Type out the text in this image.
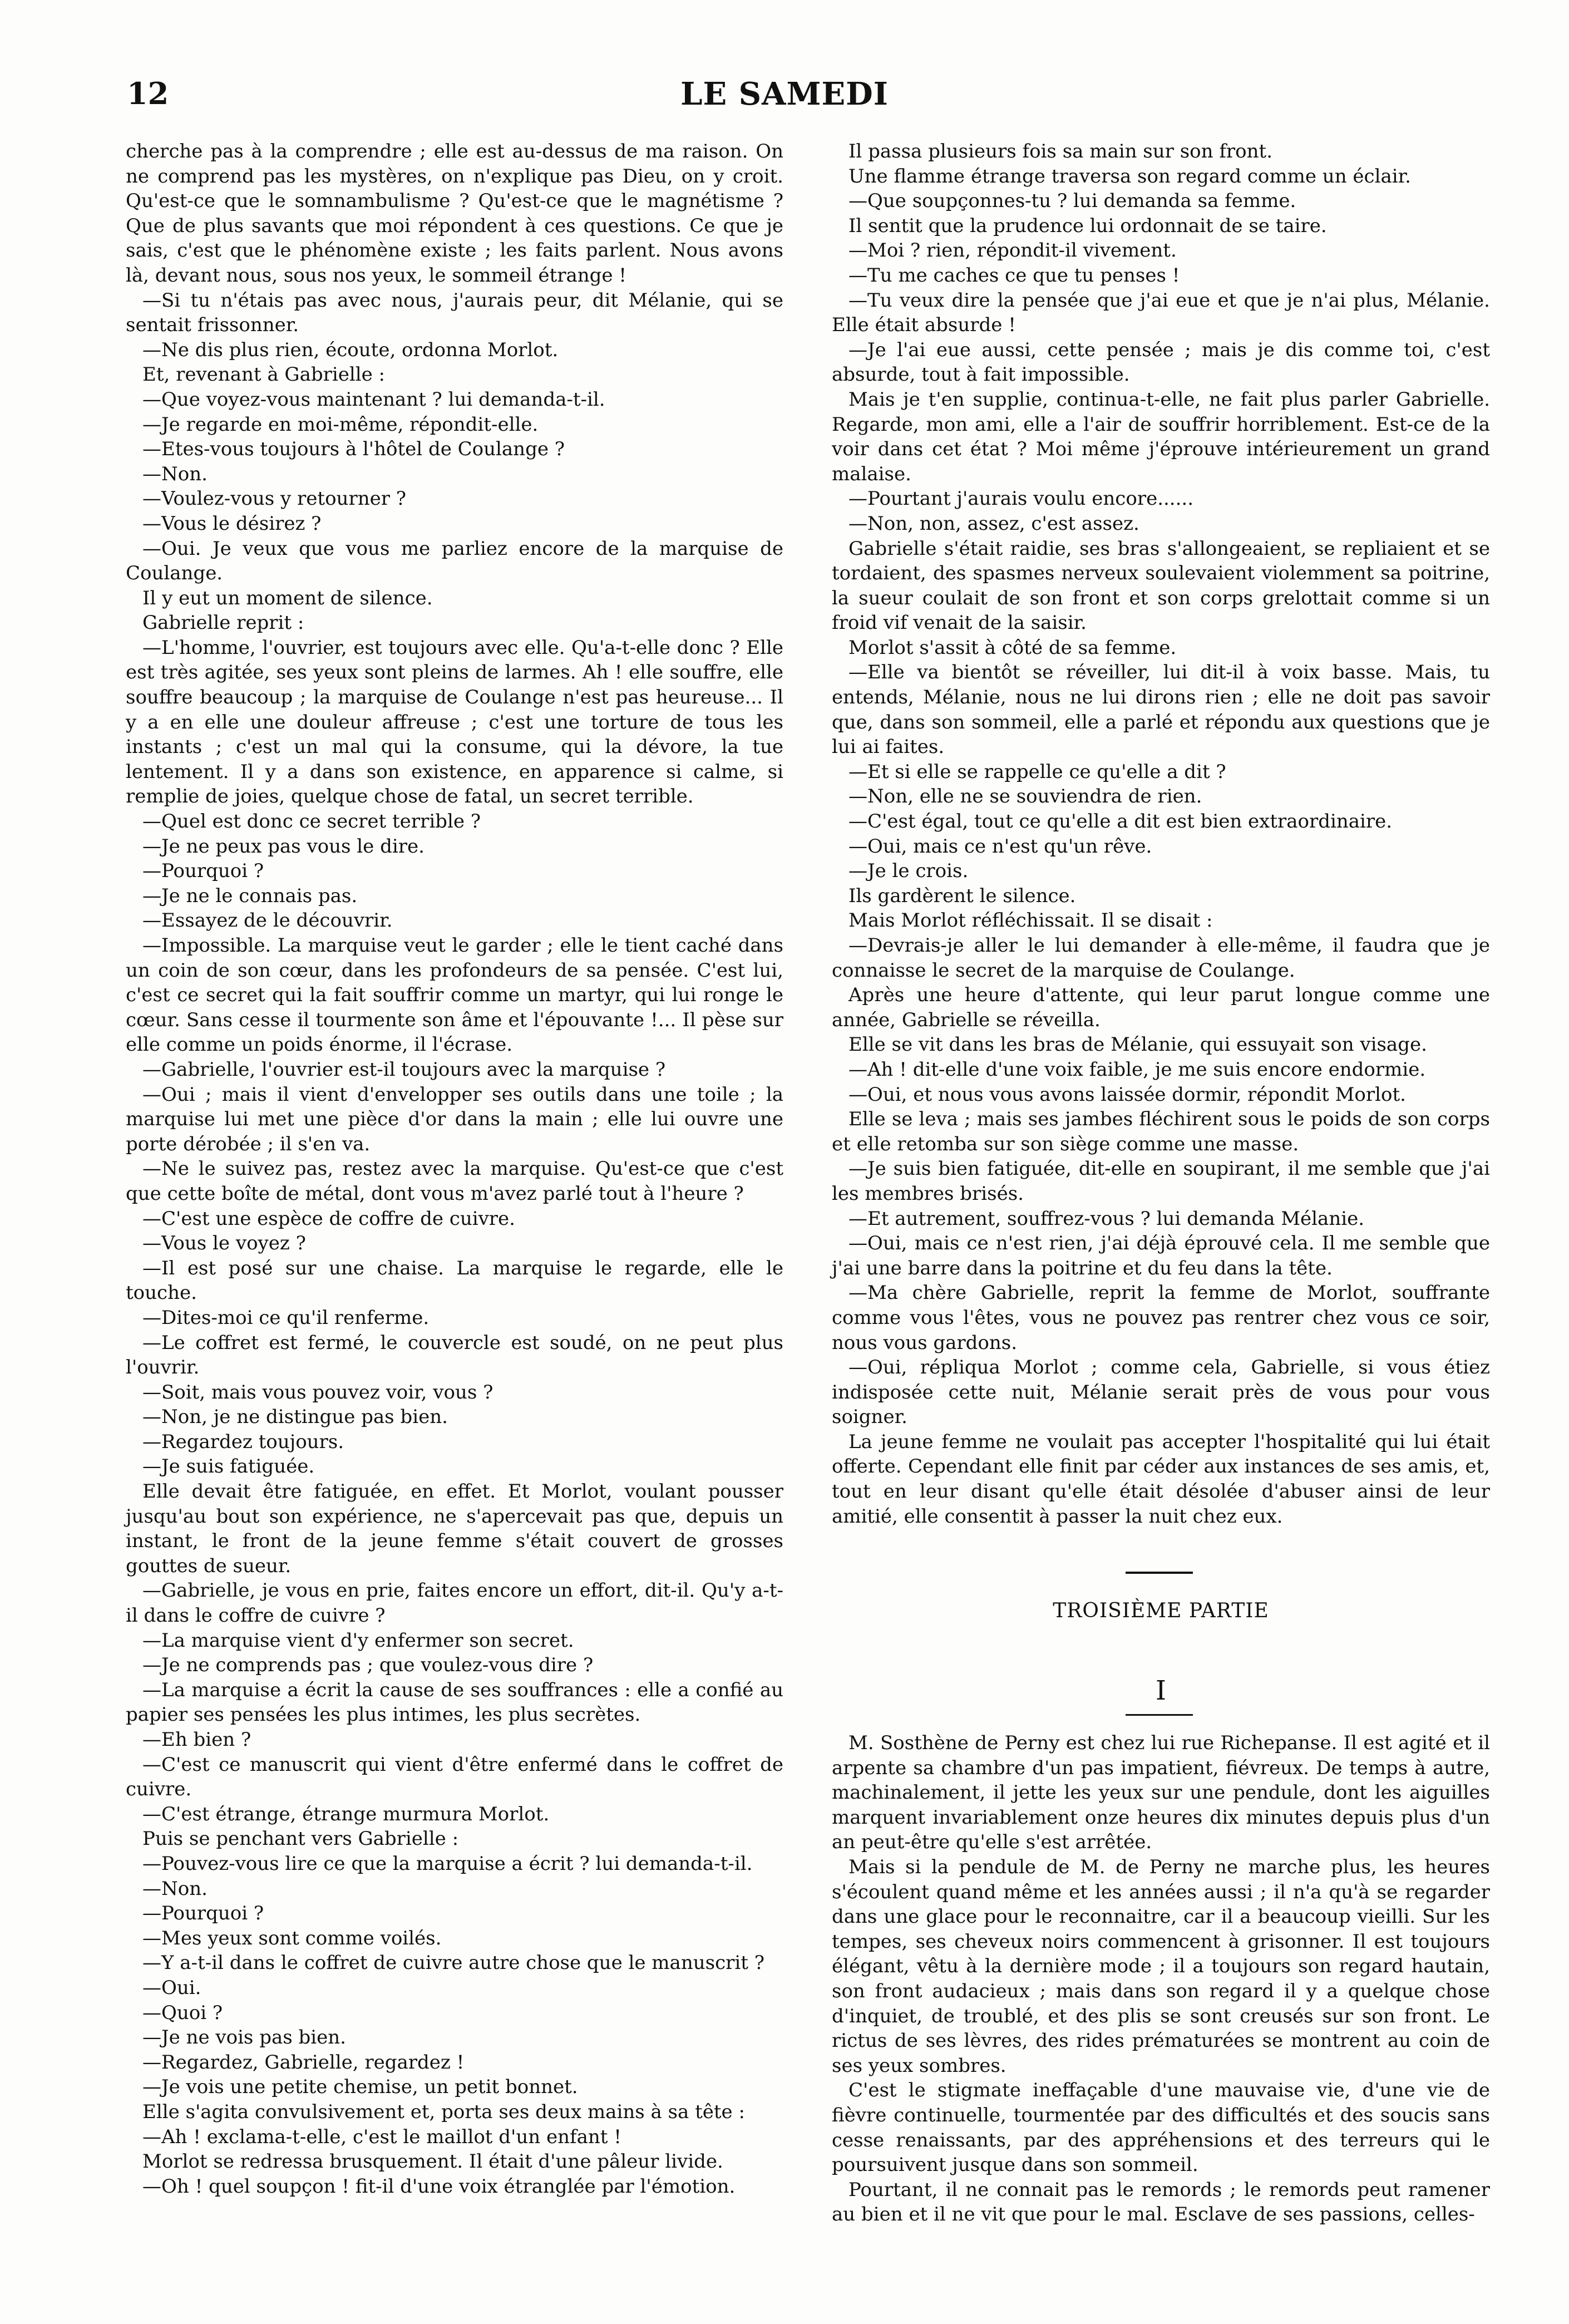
12	LE SAMEDI

cherche pas à la comprendre ; elle est au-dessus de ma raison. On ne comprend pas les mystères, on n'explique pas Dieu, on y croit. Qu'est-ce que le somnambulisme ? Qu'est-ce que le magnétisme ? Que de plus savants que moi répondent à ces questions. Ce que je sais, c'est que le phénomène existe ; les faits parlent. Nous avons là, devant nous, sous nos yeux, le sommeil étrange !

—Si tu n'étais pas avec nous, j'aurais peur, dit Mélanie, qui se sentait frissonner.

—Ne dis plus rien, écoute, ordonna Morlot.

Et, revenant à Gabrielle :

—Que voyez-vous maintenant ? lui demanda-t-il.

—Je regarde en moi-même, répondit-elle.

—Etes-vous toujours à l'hôtel de Coulange ?

—Non.

—Voulez-vous y retourner ?

—Vous le désirez ?

—Oui. Je veux que vous me parliez encore de la marquise de Coulange.

Il y eut un moment de silence.

Gabrielle reprit :

—L'homme, l'ouvrier, est toujours avec elle. Qu'a-t-elle donc ? Elle est très agitée, ses yeux sont pleins de larmes. Ah ! elle souffre, elle souffre beaucoup ; la marquise de Coulange n'est pas heureuse... Il y a en elle une douleur affreuse ; c'est une torture de tous les instants ; c'est un mal qui la consume, qui la dévore, la tue lentement. Il y a dans son existence, en apparence si calme, si remplie de joies, quelque chose de fatal, un secret terrible.

—Quel est donc ce secret terrible ?

—Je ne peux pas vous le dire.

—Pourquoi ?

—Je ne le connais pas.

—Essayez de le découvrir.

—Impossible. La marquise veut le garder ; elle le tient caché dans un coin de son cœur, dans les profondeurs de sa pensée. C'est lui, c'est ce secret qui la fait souffrir comme un martyr, qui lui ronge le cœur. Sans cesse il tourmente son âme et l'épouvante !... Il pèse sur elle comme un poids énorme, il l'écrase.

—Gabrielle, l'ouvrier est-il toujours avec la marquise ?

—Oui ; mais il vient d'envelopper ses outils dans une toile ; la marquise lui met une pièce d'or dans la main ; elle lui ouvre une porte dérobée ; il s'en va.

—Ne le suivez pas, restez avec la marquise. Qu'est-ce que c'est que cette boîte de métal, dont vous m'avez parlé tout à l'heure ?

—C'est une espèce de coffre de cuivre.

—Vous le voyez ?

—Il est posé sur une chaise. La marquise le regarde, elle le touche.

—Dites-moi ce qu'il renferme.

—Le coffret est fermé, le couvercle est soudé, on ne peut plus l'ouvrir.

—Soit, mais vous pouvez voir, vous ?

—Non, je ne distingue pas bien.

—Regardez toujours.

—Je suis fatiguée.

Elle devait être fatiguée, en effet. Et Morlot, voulant pousser jusqu'au bout son expérience, ne s'apercevait pas que, depuis un instant, le front de la jeune femme s'était couvert de grosses gouttes de sueur.

—Gabrielle, je vous en prie, faites encore un effort, dit-il. Qu'y a-t-il dans le coffre de cuivre ?

—La marquise vient d'y enfermer son secret.

—Je ne comprends pas ; que voulez-vous dire ?

—La marquise a écrit la cause de ses souffrances : elle a confié au papier ses pensées les plus intimes, les plus secrètes.

—Eh bien ?

—C'est ce manuscrit qui vient d'être enfermé dans le coffret de cuivre.

—C'est étrange, étrange murmura Morlot.

Puis se penchant vers Gabrielle :

—Pouvez-vous lire ce que la marquise a écrit ? lui demanda-t-il.

—Non.

—Pourquoi ?

—Mes yeux sont comme voilés.

—Y a-t-il dans le coffret de cuivre autre chose que le manuscrit ?

—Oui.

—Quoi ?

—Je ne vois pas bien.

—Regardez, Gabrielle, regardez !

—Je vois une petite chemise, un petit bonnet.

Elle s'agita convulsivement et, porta ses deux mains à sa tête :

—Ah ! exclama-t-elle, c'est le maillot d'un enfant !

Morlot se redressa brusquement. Il était d'une pâleur livide.

—Oh ! quel soupçon ! fit-il d'une voix étranglée par l'émotion.

Il passa plusieurs fois sa main sur son front.

Une flamme étrange traversa son regard comme un éclair.

—Que soupçonnes-tu ? lui demanda sa femme.

Il sentit que la prudence lui ordonnait de se taire.

—Moi ? rien, répondit-il vivement.

—Tu me caches ce que tu penses !

—Tu veux dire la pensée que j'ai eue et que je n'ai plus, Mélanie. Elle était absurde !

—Je l'ai eue aussi, cette pensée ; mais je dis comme toi, c'est absurde, tout à fait impossible.

Mais je t'en supplie, continua-t-elle, ne fait plus parler Gabrielle. Regarde, mon ami, elle a l'air de souffrir horriblement. Est-ce de la voir dans cet état ? Moi même j'éprouve intérieurement un grand malaise.

—Pourtant j'aurais voulu encore......

—Non, non, assez, c'est assez.

Gabrielle s'était raidie, ses bras s'allongeaient, se repliaient et se tordaient, des spasmes nerveux soulevaient violemment sa poitrine, la sueur coulait de son front et son corps grelottait comme si un froid vif venait de la saisir.

Morlot s'assit à côté de sa femme.

—Elle va bientôt se réveiller, lui dit-il à voix basse. Mais, tu entends, Mélanie, nous ne lui dirons rien ; elle ne doit pas savoir que, dans son sommeil, elle a parlé et répondu aux questions que je lui ai faites.

—Et si elle se rappelle ce qu'elle a dit ?

—Non, elle ne se souviendra de rien.

—C'est égal, tout ce qu'elle a dit est bien extraordinaire.

—Oui, mais ce n'est qu'un rêve.

—Je le crois.

Ils gardèrent le silence.

Mais Morlot réfléchissait. Il se disait :

—Devrais-je aller le lui demander à elle-même, il faudra que je connaisse le secret de la marquise de Coulange.

Après une heure d'attente, qui leur parut longue comme une année, Gabrielle se réveilla.

Elle se vit dans les bras de Mélanie, qui essuyait son visage.

—Ah ! dit-elle d'une voix faible, je me suis encore endormie.

—Oui, et nous vous avons laissée dormir, répondit Morlot.

Elle se leva ; mais ses jambes fléchirent sous le poids de son corps et elle retomba sur son siège comme une masse.

—Je suis bien fatiguée, dit-elle en soupirant, il me semble que j'ai les membres brisés.

—Et autrement, souffrez-vous ? lui demanda Mélanie.

—Oui, mais ce n'est rien, j'ai déjà éprouvé cela. Il me semble que j'ai une barre dans la poitrine et du feu dans la tête.

—Ma chère Gabrielle, reprit la femme de Morlot, souffrante comme vous l'êtes, vous ne pouvez pas rentrer chez vous ce soir, nous vous gardons.

—Oui, répliqua Morlot ; comme cela, Gabrielle, si vous étiez indisposée cette nuit, Mélanie serait près de vous pour vous soigner.

La jeune femme ne voulait pas accepter l'hospitalité qui lui était offerte. Cependant elle finit par céder aux instances de ses amis, et, tout en leur disant qu'elle était désolée d'abuser ainsi de leur amitié, elle consentit à passer la nuit chez eux.

TROISIÈME PARTIE
I

M. Sosthène de Perny est chez lui rue Richepanse. Il est agité et il arpente sa chambre d'un pas impatient, fiévreux. De temps à autre, machinalement, il jette les yeux sur une pendule, dont les aiguilles marquent invariablement onze heures dix minutes depuis plus d'un an peut-être qu'elle s'est arrêtée.

Mais si la pendule de M. de Perny ne marche plus, les heures s'écoulent quand même et les années aussi ; il n'a qu'à se regarder dans une glace pour le reconnaitre, car il a beaucoup vieilli. Sur les tempes, ses cheveux noirs commencent à grisonner. Il est toujours élégant, vêtu à la dernière mode ; il a toujours son regard hautain, son front audacieux ; mais dans son regard il y a quelque chose d'inquiet, de troublé, et des plis se sont creusés sur son front. Le rictus de ses lèvres, des rides prématurées se montrent au coin de ses yeux sombres.

C'est le stigmate ineffaçable d'une mauvaise vie, d'une vie de fièvre continuelle, tourmentée par des difficultés et des soucis sans cesse renaissants, par des appréhensions et des terreurs qui le poursuivent jusque dans son sommeil.

Pourtant, il ne connait pas le remords ; le remords peut ramener au bien et il ne vit que pour le mal. Esclave de ses passions, celles-
